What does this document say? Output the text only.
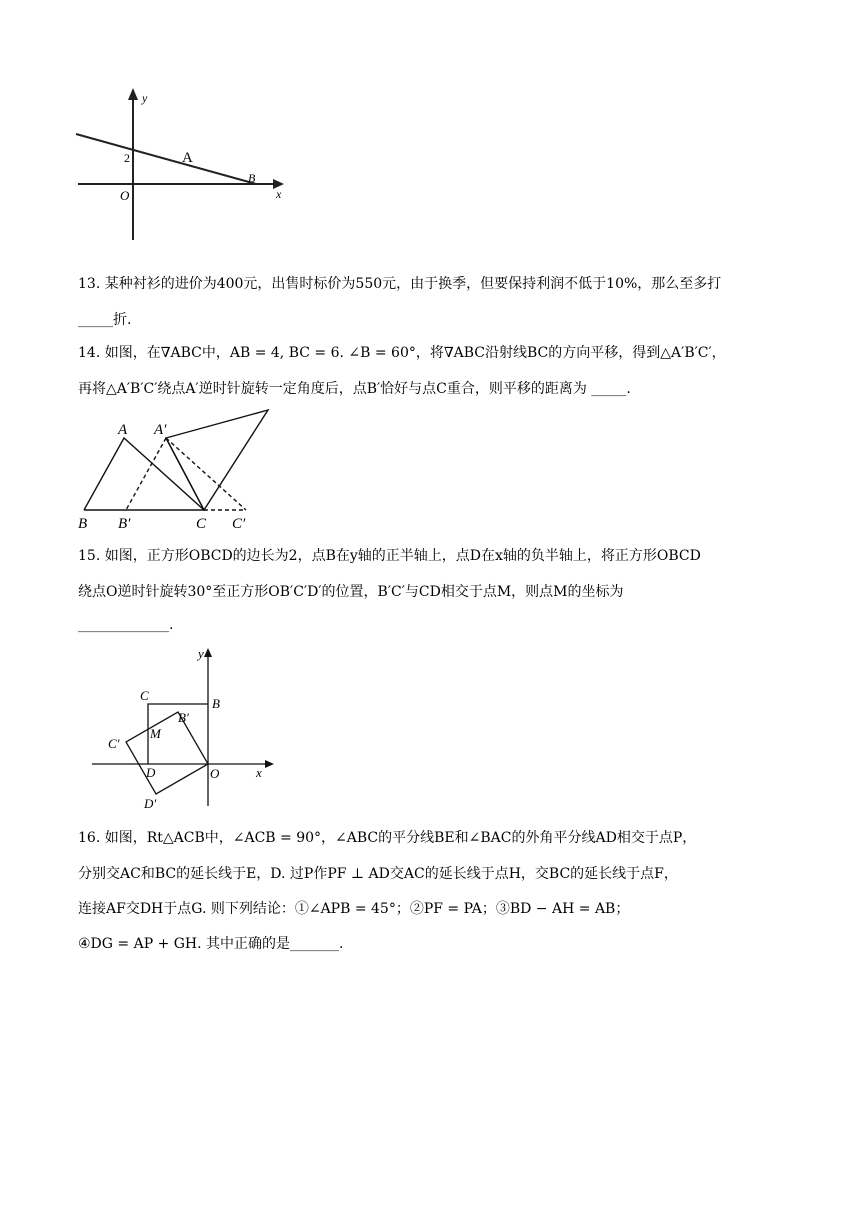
y
x
O
2	A
B
13. 某种衬衫的进价为400元，出售时标价为550元，由于换季，但要保持利润不低于10%，那么至多打
_____折.
14. 如图，在∇ABC中，AB = 4, BC = 6. ∠B = 60°，将∇ABC沿射线BC的方向平移，得到△A′B′C′，
再将△A′B′C′绕点A′逆时针旋转一定角度后，点B′恰好与点C重合，则平移的距离为 _____.
A A′
B B′	C C′
15. 如图，正方形OBCD的边长为2，点B在y轴的正半轴上，点D在x轴的负半轴上，将正方形OBCD
绕点O逆时针旋转30°至正方形OB′C′D′的位置，B′C′与CD相交于点M，则点M的坐标为
_____________.
y
x
O
B
C
D
M
B′
C′
D′
16. 如图，Rt△ACB中，∠ACB = 90°，∠ABC的平分线BE和∠BAC的外角平分线AD相交于点P，
分别交AC和BC的延长线于E，D. 过P作PF ⊥ AD交AC的延长线于点H，交BC的延长线于点F，
连接AF交DH于点G. 则下列结论：①∠APB = 45°；②PF = PA；③BD − AH = AB；
④DG = AP + GH. 其中正确的是_______.
